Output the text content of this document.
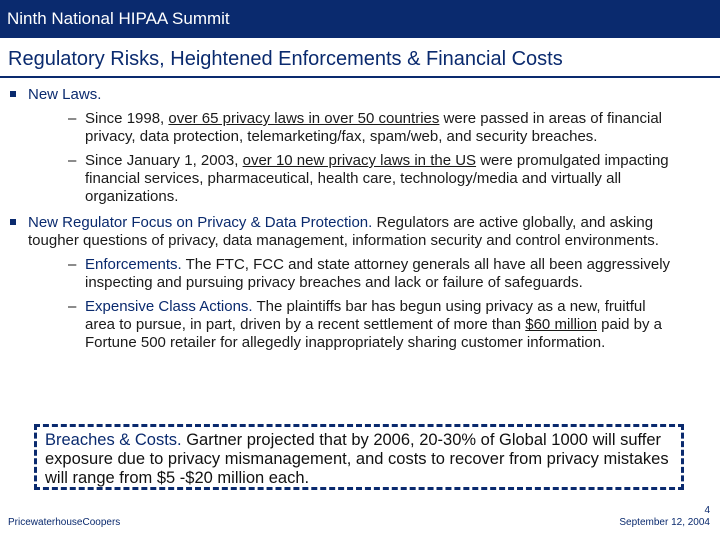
Ninth National HIPAA Summit
Regulatory Risks, Heightened Enforcements & Financial Costs
New Laws.
– Since 1998, over 65 privacy laws in over 50 countries were passed in areas of financial privacy, data protection, telemarketing/fax, spam/web, and security breaches.
– Since January 1, 2003, over 10 new privacy laws in the US were promulgated impacting financial services, pharmaceutical, health care, technology/media and virtually all organizations.
New Regulator Focus on Privacy & Data Protection. Regulators are active globally, and asking tougher questions of privacy, data management, information security and control environments.
– Enforcements. The FTC, FCC and state attorney generals all have all been aggressively inspecting and pursuing privacy breaches and lack or failure of safeguards.
– Expensive Class Actions. The plaintiffs bar has begun using privacy as a new, fruitful area to pursue, in part, driven by a recent settlement of more than $60 million paid by a Fortune 500 retailer for allegedly inappropriately sharing customer information.
Breaches & Costs. Gartner projected that by 2006, 20-30% of Global 1000 will suffer exposure due to privacy mismanagement, and costs to recover from privacy mistakes will range from $5 -$20 million each.
PricewaterhouseCoopers
4
September 12, 2004
